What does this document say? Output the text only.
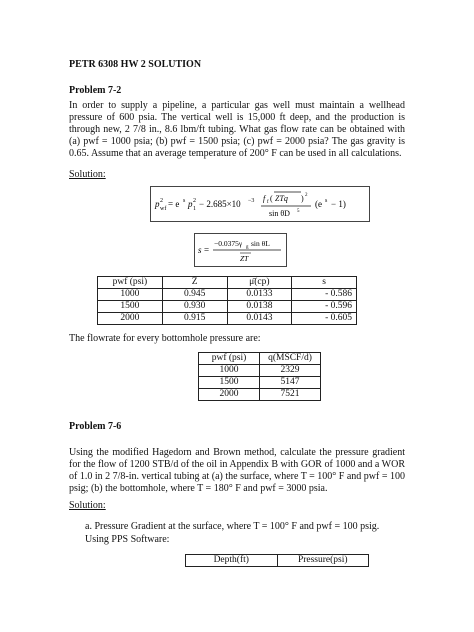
PETR 6308 HW 2 SOLUTION
Problem 7-2
In order to supply a pipeline, a particular gas well must maintain a wellhead pressure of 600 psia. The vertical well is 15,000 ft deep, and the production is through new, 2 7/8 in., 8.6 lbm/ft tubing. What gas flow rate can be obtained with (a) pwf = 1000 psia; (b) pwf = 1500 psia; (c) pwf = 2000 psia? The gas gravity is 0.65. Assume that an average temperature of 200° F can be used in all calculations.
Solution:
p wf
2 = e s p 1
2 − 2.685×10 −3 f f ( ZTq ) 2
sin θD 5
(e s − 1)
s =
−0.0375γ g sin θL
ZT
pwf (psi)	Z̄	μ̄(cp)	s
1000	0.945	0.0133	- 0.586
1500	0.930	0.0138	- 0.596
2000	0.915	0.0143	- 0.605
The flowrate for every bottomhole pressure are:
pwf (psi)	q(MSCF/d)
1000	2329
1500	5147
2000	7521
Problem 7-6
Using the modified Hagedorn and Brown method, calculate the pressure gradient for the flow of 1200 STB/d of the oil in Appendix B with GOR of 1000 and a WOR of 1.0 in 2 7/8-in. vertical tubing at (a) the surface, where T = 100° F and pwf = 100 psig; (b) the bottomhole, where T = 180° F and pwf = 3000 psia.
Solution:
a. Pressure Gradient at the surface, where T = 100° F and pwf = 100 psig.
Using PPS Software:
Depth(ft)	Pressure(psi)
